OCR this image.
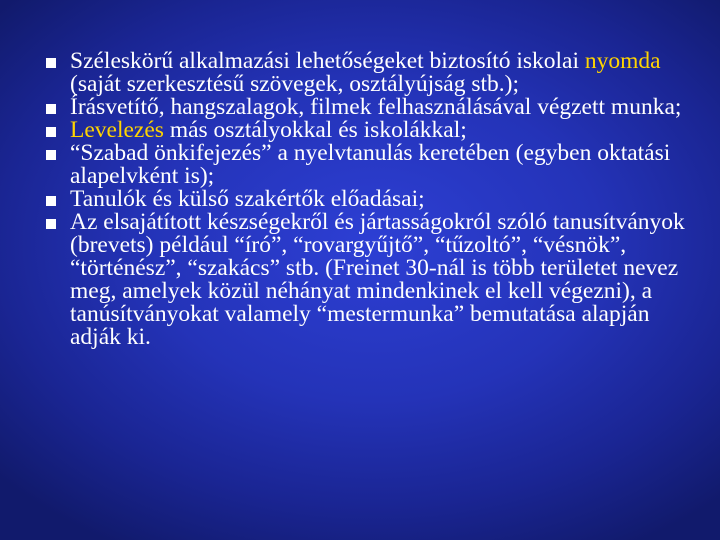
Széleskörű alkalmazási lehetőségeket biztosító iskolai nyomda (saját szerkesztésű szövegek, osztályújság stb.);
Írásvetítő, hangszalagok, filmek felhasználásával végzett munka;
Levelezés más osztályokkal és iskolákkal;
“Szabad önkifejezés” a nyelvtanulás keretében (egyben oktatási alapelvként is);
Tanulók és külső szakértők előadásai;
Az elsajátított készségekről és jártasságokról szóló tanusítványok (brevets) például “író”, “rovargyűjtő”, “tűzoltó”, “vésnök”, “történész”, “szakács” stb. (Freinet 30-nál is több területet nevez meg, amelyek közül néhányat mindenkinek el kell végezni), a tanúsítványokat valamely “mestermunka” bemutatása alapján adják ki.
